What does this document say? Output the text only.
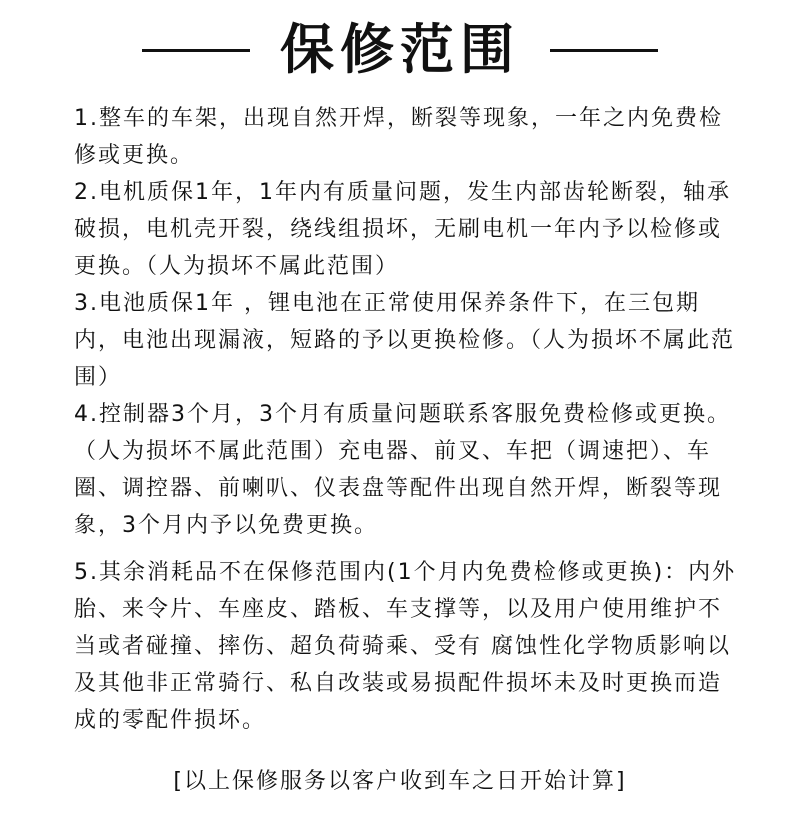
保修范围

1.整车的车架，出现自然开焊，断裂等现象，一年之内免费检修或更换。

2.电机质保1年，1年内有质量问题，发生内部齿轮断裂，轴承破损，电机壳开裂，绕线组损坏，无刷电机一年内予以检修或更换。（人为损坏不属此范围）

3.电池质保1年 ，锂电池在正常使用保养条件下，在三包期内，电池出现漏液，短路的予以更换检修。（人为损坏不属此范围）

4.控制器3个月，3个月有质量问题联系客服免费检修或更换。（人为损坏不属此范围）充电器、前叉、车把（调速把）、车圈、调控器、前喇叭、仪表盘等配件出现自然开焊，断裂等现象，3个月内予以免费更换。

5.其余消耗品不在保修范围内(1个月内免费检修或更换)：内外胎、来令片、车座皮、踏板、车支撑等，以及用户使用维护不当或者碰撞、摔伤、超负荷骑乘、受有 腐蚀性化学物质影响以及其他非正常骑行、私自改装或易损配件损坏未及时更换而造成的零配件损坏。

[以上保修服务以客户收到车之日开始计算]
